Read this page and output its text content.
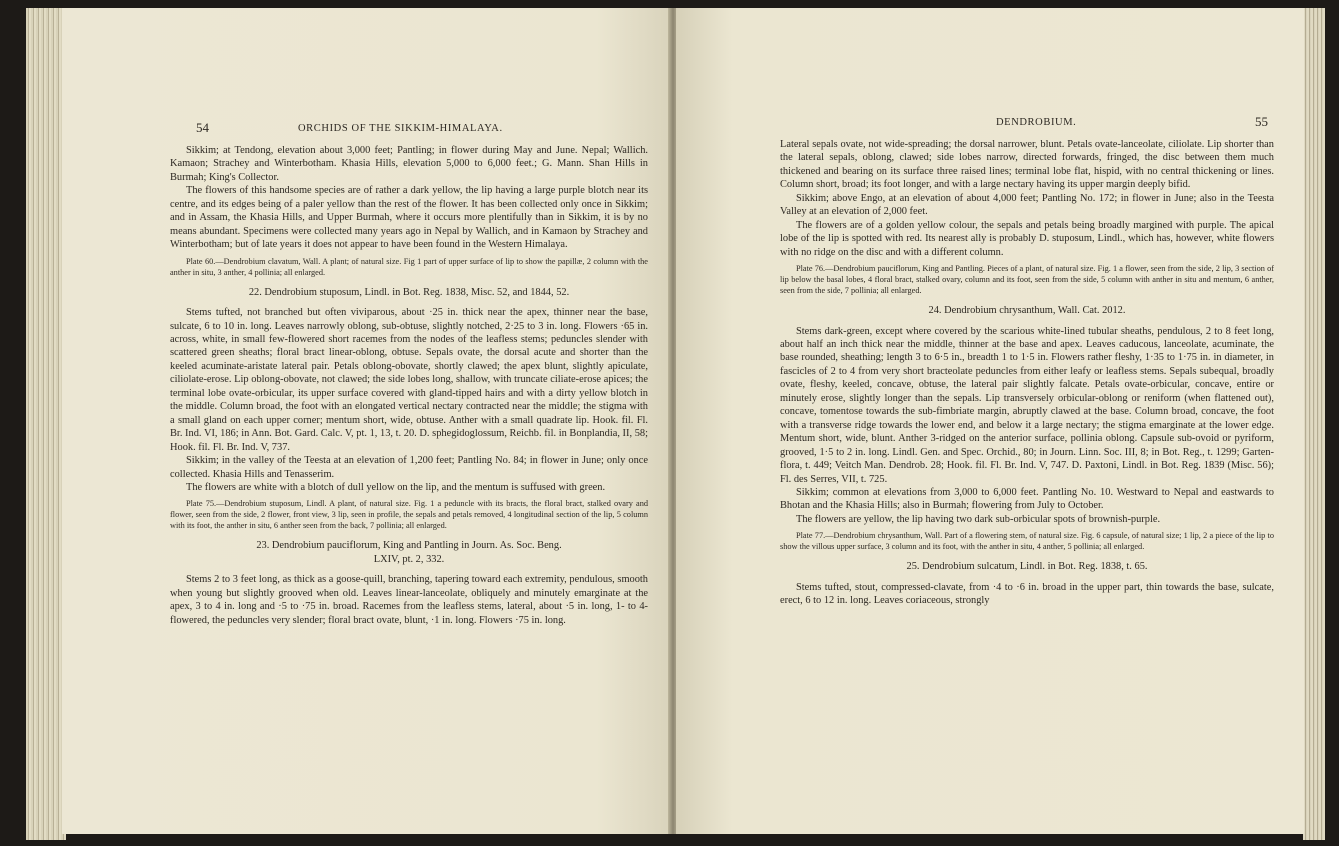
54	ORCHIDS OF THE SIKKIM-HIMALAYA.

Sikkim; at Tendong, elevation about 3,000 feet; Pantling; in flower during May and June. Nepal; Wallich. Kamaon; Strachey and Winterbotham. Khasia Hills, elevation 5,000 to 6,000 feet.; G. Mann. Shan Hills in Burmah; King's Collector.

The flowers of this handsome species are of rather a dark yellow, the lip having a large purple blotch near its centre, and its edges being of a paler yellow than the rest of the flower. It has been collected only once in Sikkim; and in Assam, the Khasia Hills, and Upper Burmah, where it occurs more plentifully than in Sikkim, it is by no means abundant. Specimens were collected many years ago in Nepal by Wallich, and in Kamaon by Strachey and Winterbotham; but of late years it does not appear to have been found in the Western Himalaya.

Plate 60.—Dendrobium clavatum, Wall. A plant; of natural size. Fig 1 part of upper surface of lip to show the papillæ, 2 column with the anther in situ, 3 anther, 4 pollinia; all enlarged.

22. Dendrobium stuposum, Lindl. in Bot. Reg. 1838, Misc. 52, and 1844, 52.

Stems tufted, not branched but often viviparous, about ·25 in. thick near the apex, thinner near the base, sulcate, 6 to 10 in. long. Leaves narrowly oblong, sub-obtuse, slightly notched, 2·25 to 3 in. long. Flowers ·65 in. across, white, in small few-flowered short racemes from the nodes of the leafless stems; peduncles slender with scattered green sheaths; floral bract linear-oblong, obtuse. Sepals ovate, the dorsal acute and shorter than the keeled acuminate-aristate lateral pair. Petals oblong-obovate, shortly clawed; the apex blunt, slightly apiculate, ciliolate-erose. Lip oblong-obovate, not clawed; the side lobes long, shallow, with truncate ciliate-erose apices; the terminal lobe ovate-orbicular, its upper surface covered with gland-tipped hairs and with a dirty yellow blotch in the middle. Column broad, the foot with an elongated vertical nectary contracted near the middle; the stigma with a small gland on each upper corner; mentum short, wide, obtuse. Anther with a small quadrate lip. Hook. fil. Fl. Br. Ind. VI, 186; in Ann. Bot. Gard. Calc. V, pt. 1, 13, t. 20. D. sphegidoglossum, Reichb. fil. in Bonplandia, II, 58; Hook. fil. Fl. Br. Ind. V, 737.

Sikkim; in the valley of the Teesta at an elevation of 1,200 feet; Pantling No. 84; in flower in June; only once collected. Khasia Hills and Tenasserim.

The flowers are white with a blotch of dull yellow on the lip, and the mentum is suffused with green.

Plate 75.—Dendrobium stuposum, Lindl. A plant, of natural size. Fig. 1 a peduncle with its bracts, the floral bract, stalked ovary and flower, seen from the side, 2 flower, front view, 3 lip, seen in profile, the sepals and petals removed, 4 longitudinal section of the lip, 5 column with its foot, the anther in situ, 6 anther seen from the back, 7 pollinia; all enlarged.

23. Dendrobium pauciflorum, King and Pantling in Journ. As. Soc. Beng.
LXIV, pt. 2, 332.

Stems 2 to 3 feet long, as thick as a goose-quill, branching, tapering toward each extremity, pendulous, smooth when young but slightly grooved when old. Leaves linear-lanceolate, obliquely and minutely emarginate at the apex, 3 to 4 in. long and ·5 to ·75 in. broad. Racemes from the leafless stems, lateral, about ·5 in. long, 1- to 4-flowered, the peduncles very slender; floral bract ovate, blunt, ·1 in. long. Flowers ·75 in. long.

DENDROBIUM.	55

Lateral sepals ovate, not wide-spreading; the dorsal narrower, blunt. Petals ovate-lanceolate, ciliolate. Lip shorter than the lateral sepals, oblong, clawed; side lobes narrow, directed forwards, fringed, the disc between them much thickened and bearing on its surface three raised lines; terminal lobe flat, hispid, with no central thickening or lines. Column short, broad; its foot longer, and with a large nectary having its upper margin deeply bifid.

Sikkim; above Engo, at an elevation of about 4,000 feet; Pantling No. 172; in flower in June; also in the Teesta Valley at an elevation of 2,000 feet.

The flowers are of a golden yellow colour, the sepals and petals being broadly margined with purple. The apical lobe of the lip is spotted with red. Its nearest ally is probably D. stuposum, Lindl., which has, however, white flowers with no ridge on the disc and with a different column.

Plate 76.—Dendrobium pauciflorum, King and Pantling. Pieces of a plant, of natural size. Fig. 1 a flower, seen from the side, 2 lip, 3 section of lip below the basal lobes, 4 floral bract, stalked ovary, column and its foot, seen from the side, 5 column with anther in situ and mentum, 6 anther, seen from the side, 7 pollinia; all enlarged.

24. Dendrobium chrysanthum, Wall. Cat. 2012.

Stems dark-green, except where covered by the scarious white-lined tubular sheaths, pendulous, 2 to 8 feet long, about half an inch thick near the middle, thinner at the base and apex. Leaves caducous, lanceolate, acuminate, the base rounded, sheathing; length 3 to 6·5 in., breadth 1 to 1·5 in. Flowers rather fleshy, 1·35 to 1·75 in. in diameter, in fascicles of 2 to 4 from very short bracteolate peduncles from either leafy or leafless stems. Sepals subequal, broadly ovate, fleshy, keeled, concave, obtuse, the lateral pair slightly falcate. Petals ovate-orbicular, concave, entire or minutely erose, slightly longer than the sepals. Lip transversely orbicular-oblong or reniform (when flattened out), concave, tomentose towards the sub-fimbriate margin, abruptly clawed at the base. Column broad, concave, the foot with a transverse ridge towards the lower end, and below it a large nectary; the stigma emarginate at the lower edge. Mentum short, wide, blunt. Anther 3-ridged on the anterior surface, pollinia oblong. Capsule sub-ovoid or pyriform, grooved, 1·5 to 2 in. long. Lindl. Gen. and Spec. Orchid., 80; in Journ. Linn. Soc. III, 8; in Bot. Reg., t. 1299; Garten-flora, t. 449; Veitch Man. Dendrob. 28; Hook. fil. Fl. Br. Ind. V, 747. D. Paxtoni, Lindl. in Bot. Reg. 1839 (Misc. 56); Fl. des Serres, VII, t. 725.

Sikkim; common at elevations from 3,000 to 6,000 feet. Pantling No. 10. Westward to Nepal and eastwards to Bhotan and the Khasia Hills; also in Burmah; flowering from July to October.

The flowers are yellow, the lip having two dark sub-orbicular spots of brownish-purple.

Plate 77.—Dendrobium chrysanthum, Wall. Part of a flowering stem, of natural size. Fig. 6 capsule, of natural size; 1 lip, 2 a piece of the lip to show the villous upper surface, 3 column and its foot, with the anther in situ, 4 anther, 5 pollinia; all enlarged.

25. Dendrobium sulcatum, Lindl. in Bot. Reg. 1838, t. 65.

Stems tufted, stout, compressed-clavate, from ·4 to ·6 in. broad in the upper part, thin towards the base, sulcate, erect, 6 to 12 in. long. Leaves coriaceous, strongly
